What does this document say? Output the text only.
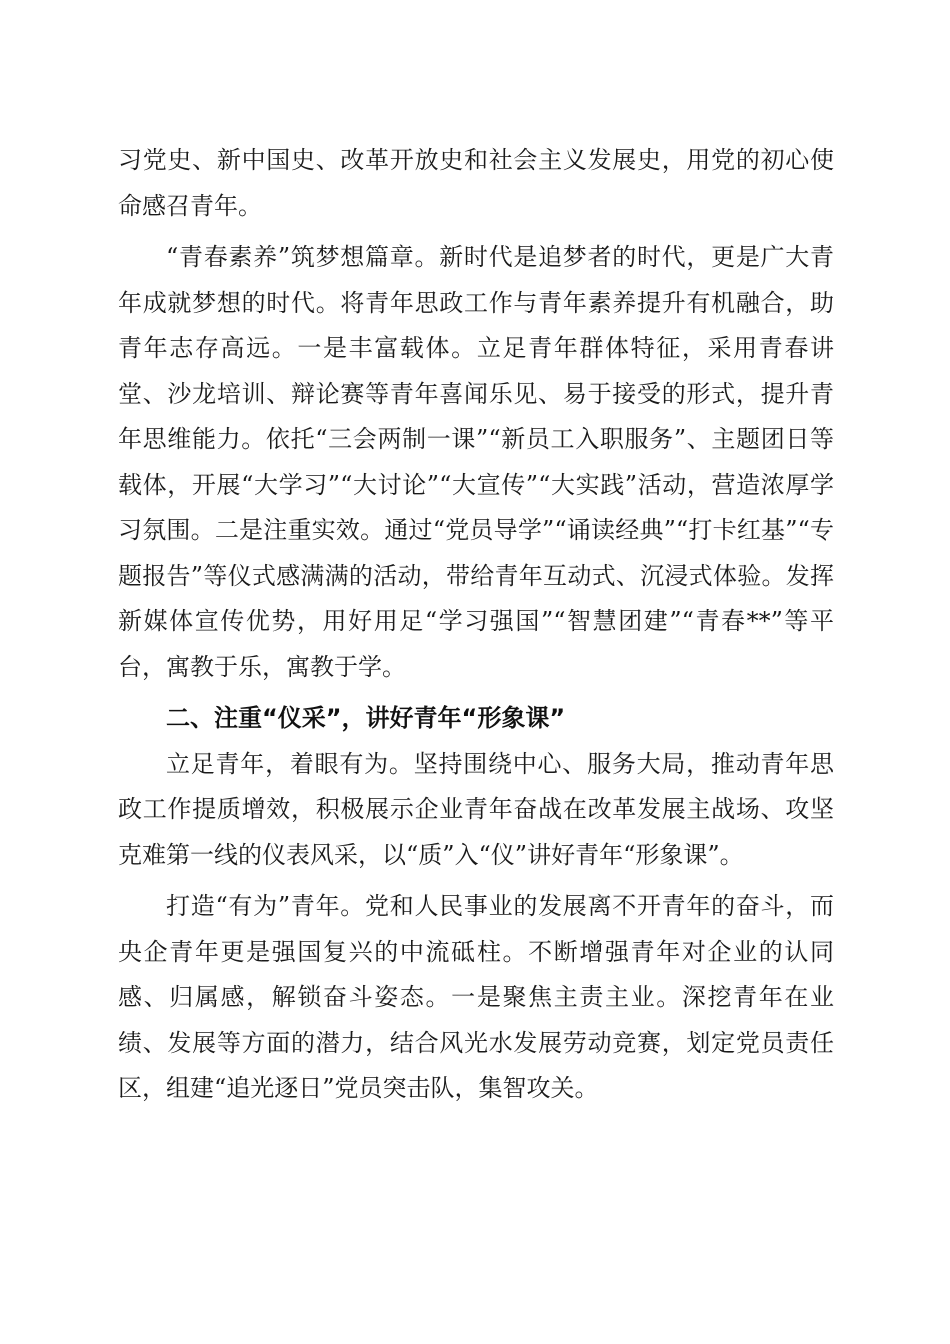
习党史、新中国史、改革开放史和社会主义发展史，用党的初心使命感召青年。

“青春素养”筑梦想篇章。新时代是追梦者的时代，更是广大青年成就梦想的时代。将青年思政工作与青年素养提升有机融合，助青年志存高远。一是丰富载体。立足青年群体特征，采用青春讲堂、沙龙培训、辩论赛等青年喜闻乐见、易于接受的形式，提升青年思维能力。依托“三会两制一课”“新员工入职服务”、主题团日等载体，开展“大学习”“大讨论”“大宣传”“大实践”活动，营造浓厚学习氛围。二是注重实效。通过“党员导学”“诵读经典”“打卡红基”“专题报告”等仪式感满满的活动，带给青年互动式、沉浸式体验。发挥新媒体宣传优势，用好用足“学习强国”“智慧团建”“青春**”等平台，寓教于乐，寓教于学。

二、注重“仪采”，讲好青年“形象课”

立足青年，着眼有为。坚持围绕中心、服务大局，推动青年思政工作提质增效，积极展示企业青年奋战在改革发展主战场、攻坚克难第一线的仪表风采，以“质”入“仪”讲好青年“形象课”。

打造“有为”青年。党和人民事业的发展离不开青年的奋斗，而央企青年更是强国复兴的中流砥柱。不断增强青年对企业的认同感、归属感，解锁奋斗姿态。一是聚焦主责主业。深挖青年在业绩、发展等方面的潜力，结合风光水发展劳动竞赛，划定党员责任区，组建“追光逐日”党员突击队，集智攻关。
